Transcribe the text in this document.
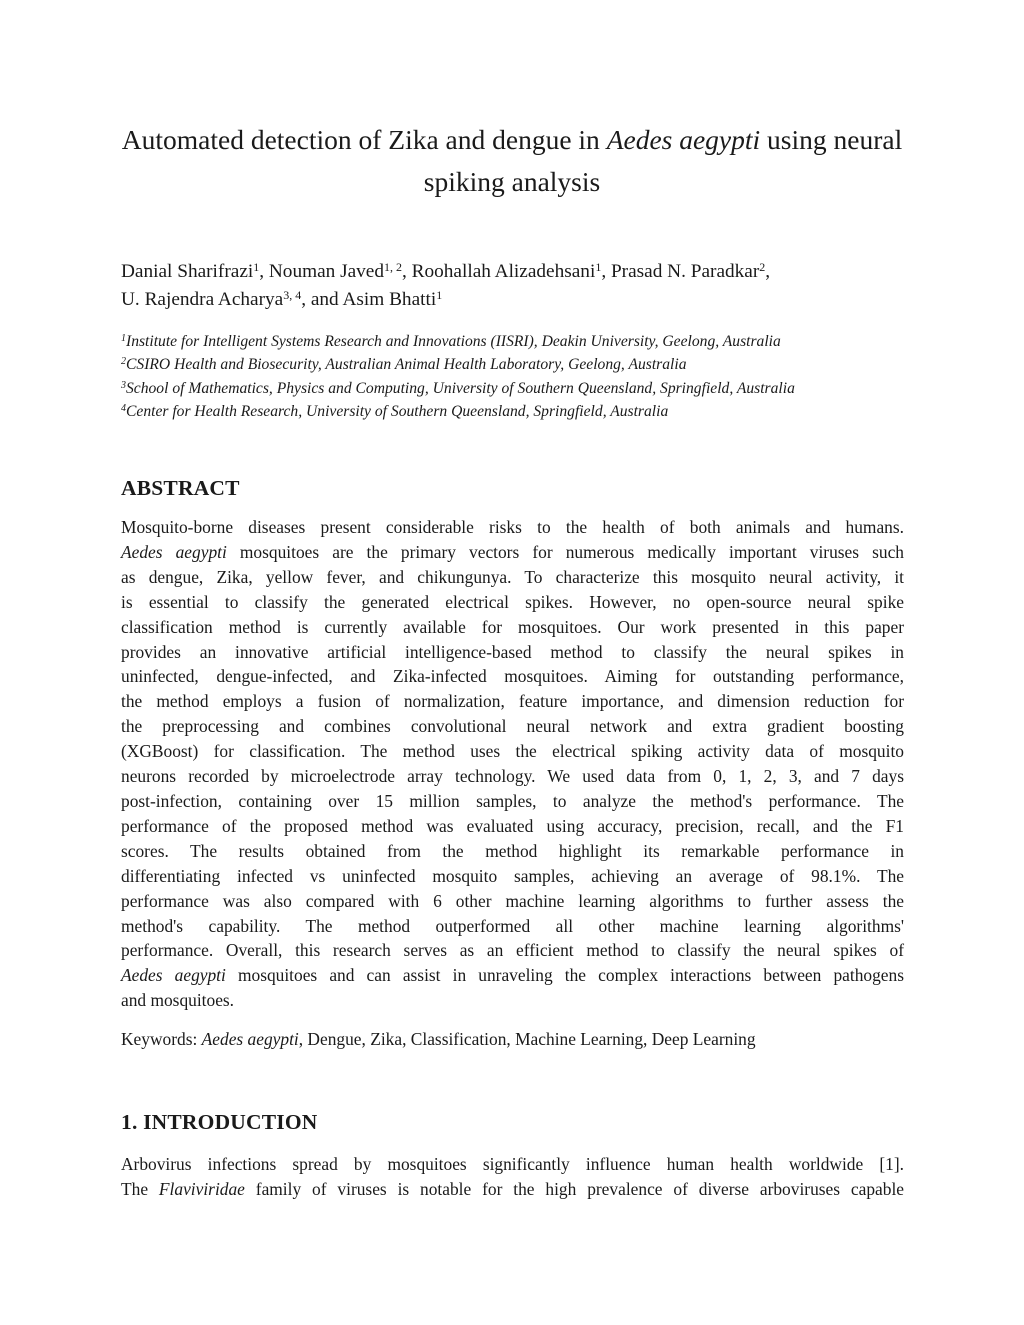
Automated detection of Zika and dengue in Aedes aegypti using neural spiking analysis

Danial Sharifrazi$^1$, Nouman Javed$^{1, 2}$, Roohallah Alizadehsani$^1$, Prasad N. Paradkar$^2$,
U. Rajendra Acharya$^{3, 4}$, and Asim Bhatti$^1$

$^1$Institute for Intelligent Systems Research and Innovations (IISRI), Deakin University, Geelong, Australia
$^2$CSIRO Health and Biosecurity, Australian Animal Health Laboratory, Geelong, Australia
$^3$School of Mathematics, Physics and Computing, University of Southern Queensland, Springfield, Australia
$^4$Center for Health Research, University of Southern Queensland, Springfield, Australia
ABSTRACT
Mosquito-borne diseases present considerable risks to the health of both animals and humans.
Aedes aegypti mosquitoes are the primary vectors for numerous medically important viruses such
as dengue, Zika, yellow fever, and chikungunya. To characterize this mosquito neural activity, it
is essential to classify the generated electrical spikes. However, no open-source neural spike
classification method is currently available for mosquitoes. Our work presented in this paper
provides an innovative artificial intelligence-based method to classify the neural spikes in
uninfected, dengue-infected, and Zika-infected mosquitoes. Aiming for outstanding performance,
the method employs a fusion of normalization, feature importance, and dimension reduction for
the preprocessing and combines convolutional neural network and extra gradient boosting
(XGBoost) for classification. The method uses the electrical spiking activity data of mosquito
neurons recorded by microelectrode array technology. We used data from 0, 1, 2, 3, and 7 days
post-infection, containing over 15 million samples, to analyze the method's performance. The
performance of the proposed method was evaluated using accuracy, precision, recall, and the F1
scores. The results obtained from the method highlight its remarkable performance in
differentiating infected vs uninfected mosquito samples, achieving an average of 98.1%. The
performance was also compared with 6 other machine learning algorithms to further assess the
method's capability. The method outperformed all other machine learning algorithms'
performance. Overall, this research serves as an efficient method to classify the neural spikes of
Aedes aegypti mosquitoes and can assist in unraveling the complex interactions between pathogens
and mosquitoes.

Keywords: Aedes aegypti, Dengue, Zika, Classification, Machine Learning, Deep Learning

1. INTRODUCTION
Arbovirus infections spread by mosquitoes significantly influence human health worldwide [1].
The Flaviviridae family of viruses is notable for the high prevalence of diverse arboviruses capable
